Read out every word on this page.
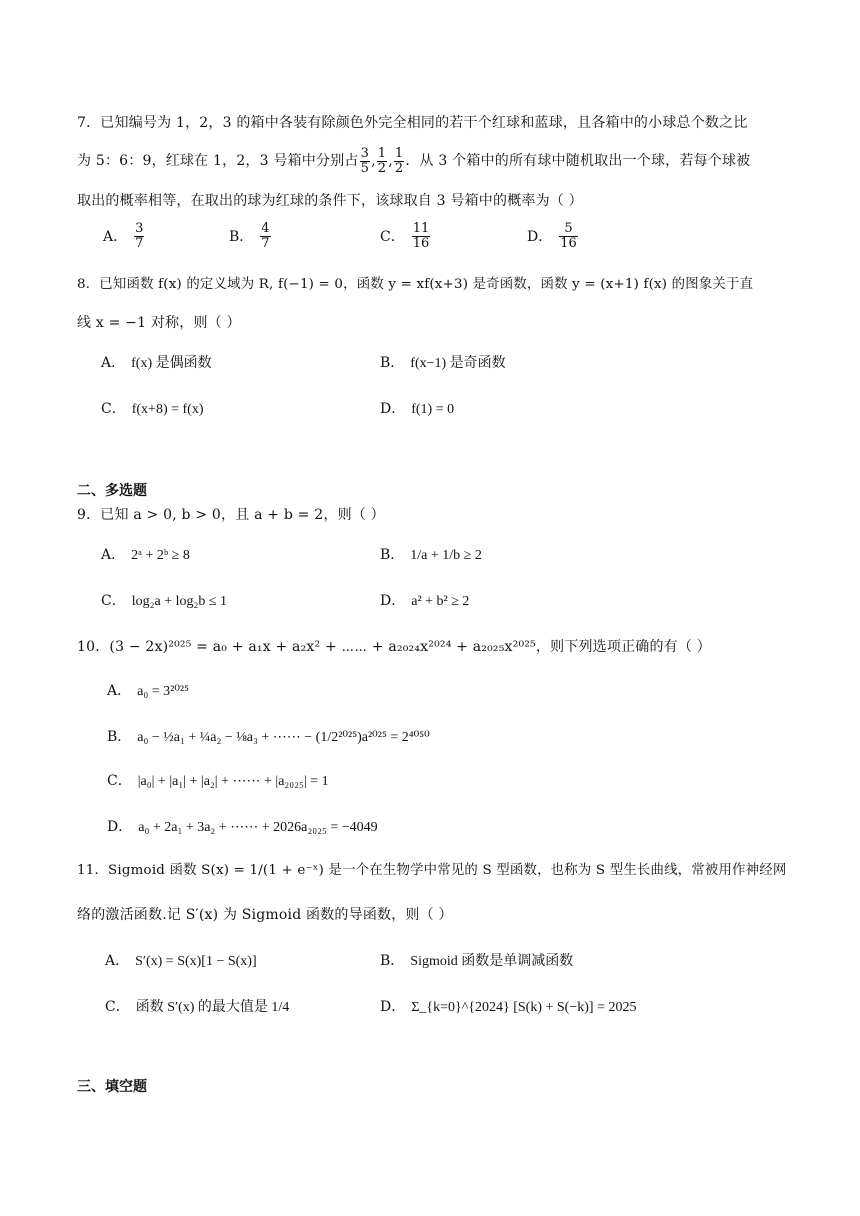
7．已知编号为 1，2，3 的箱中各装有除颜色外完全相同的若干个红球和蓝球，且各箱中的小球总个数之比
为 5：6：9，红球在 1，2，3 号箱中分别占 $\frac{3}{5}$ , $\frac{1}{2}$ , $\frac{1}{2}$ ．从 3 个箱中的所有球中随机取出一个球，若每个球被
取出的概率相等，在取出的球为红球的条件下，该球取自 3 号箱中的概率为（ ）
A． $\frac{3}{7}$	B． $\frac{4}{7}$	C． $\frac{11}{16}$	D． $\frac{5}{16}$
8．已知函数 f(x) 的定义域为 R, f(−1) = 0，函数 y = xf(x+3) 是奇函数，函数 y = (x+1) f(x) 的图象关于直
线 x = −1 对称，则（ ）
A． f(x) 是偶函数	B． f(x−1) 是奇函数
C． f(x+8) = f(x)	D． f(1) = 0
二、多选题
9．已知 a > 0, b > 0，且 a + b = 2，则（ ）
A． 2ᵃ + 2ᵇ ≥ 8	B． 1/a + 1/b ≥ 2
C． log₂a + log₂b ≤ 1	D． a² + b² ≥ 2
10．(3 − 2x)²⁰²⁵ = a₀ + a₁x + a₂x² + ⋯⋯ + a₂₀₂₄x²⁰²⁴ + a₂₀₂₅x²⁰²⁵，则下列选项正确的有（ ）
A． a₀ = 3²⁰²⁵
B． a₀ − ½a₁ + ¼a₂ − ⅛a₃ + ⋯⋯ − (1/2²⁰²⁵)a²⁰²⁵ = 2⁴⁰⁵⁰
C． |a₀| + |a₁| + |a₂| + ⋯⋯ + |a₂₀₂₅| = 1
D． a₀ + 2a₁ + 3a₂ + ⋯⋯ + 2026a₂₀₂₅ = −4049
11．Sigmoid 函数 S(x) = 1/(1 + e⁻ˣ) 是一个在生物学中常见的 S 型函数，也称为 S 型生长曲线，常被用作神经网
络的激活函数.记 S′(x) 为 Sigmoid 函数的导函数，则（ ）
A． S′(x) = S(x)[1 − S(x)]	B． Sigmoid 函数是单调减函数
C． 函数 S′(x) 的最大值是 1/4	D． Σ_{k=0}^{2024} [S(k) + S(−k)] = 2025
三、填空题
